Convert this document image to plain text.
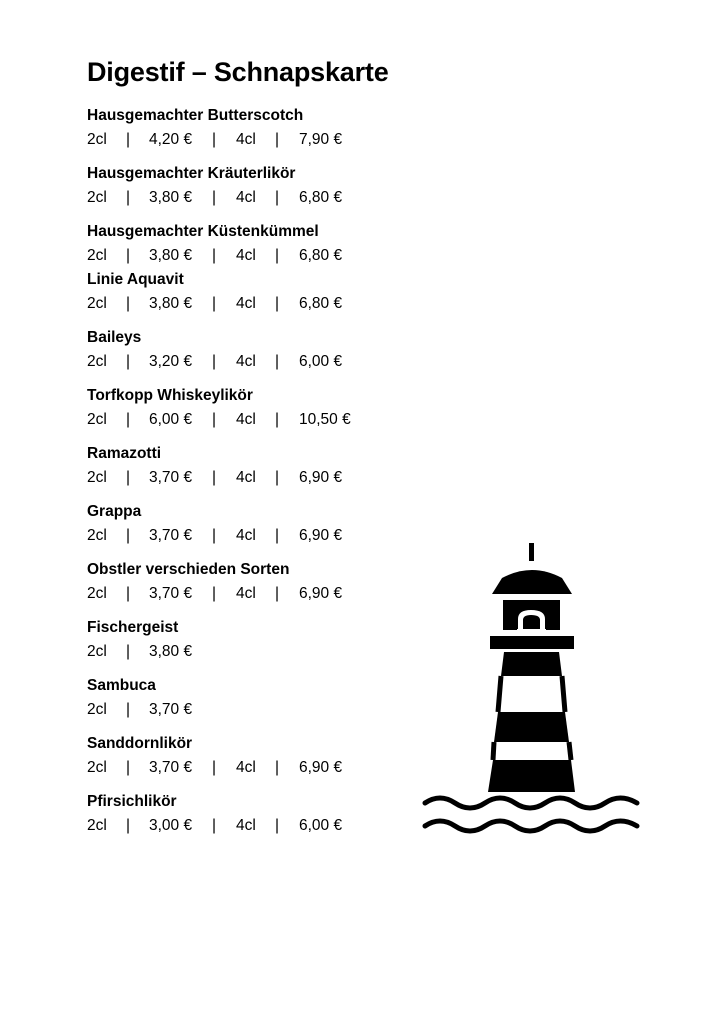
Digestif – Schnapskarte
Hausgemachter Butterscotch
2cl | 4,20 € | 4cl | 7,90 €
Hausgemachter Kräuterlikör
2cl | 3,80 € | 4cl | 6,80 €
Hausgemachter Küstenkümmel
2cl | 3,80 € | 4cl | 6,80 €
Linie Aquavit
2cl | 3,80 € | 4cl | 6,80 €
Baileys
2cl | 3,20 € | 4cl | 6,00 €
Torfkopp Whiskeylikör
2cl | 6,00 € | 4cl | 10,50 €
Ramazotti
2cl | 3,70 € | 4cl | 6,90 €
Grappa
2cl | 3,70 € | 4cl | 6,90 €
Obstler verschieden Sorten
2cl | 3,70 € | 4cl | 6,90 €
Fischergeist
2cl | 3,80 €
Sambuca
2cl | 3,70 €
Sanddornlikör
2cl | 3,70 € | 4cl | 6,90 €
Pfirsichlikör
2cl | 3,00 € | 4cl | 6,00 €
